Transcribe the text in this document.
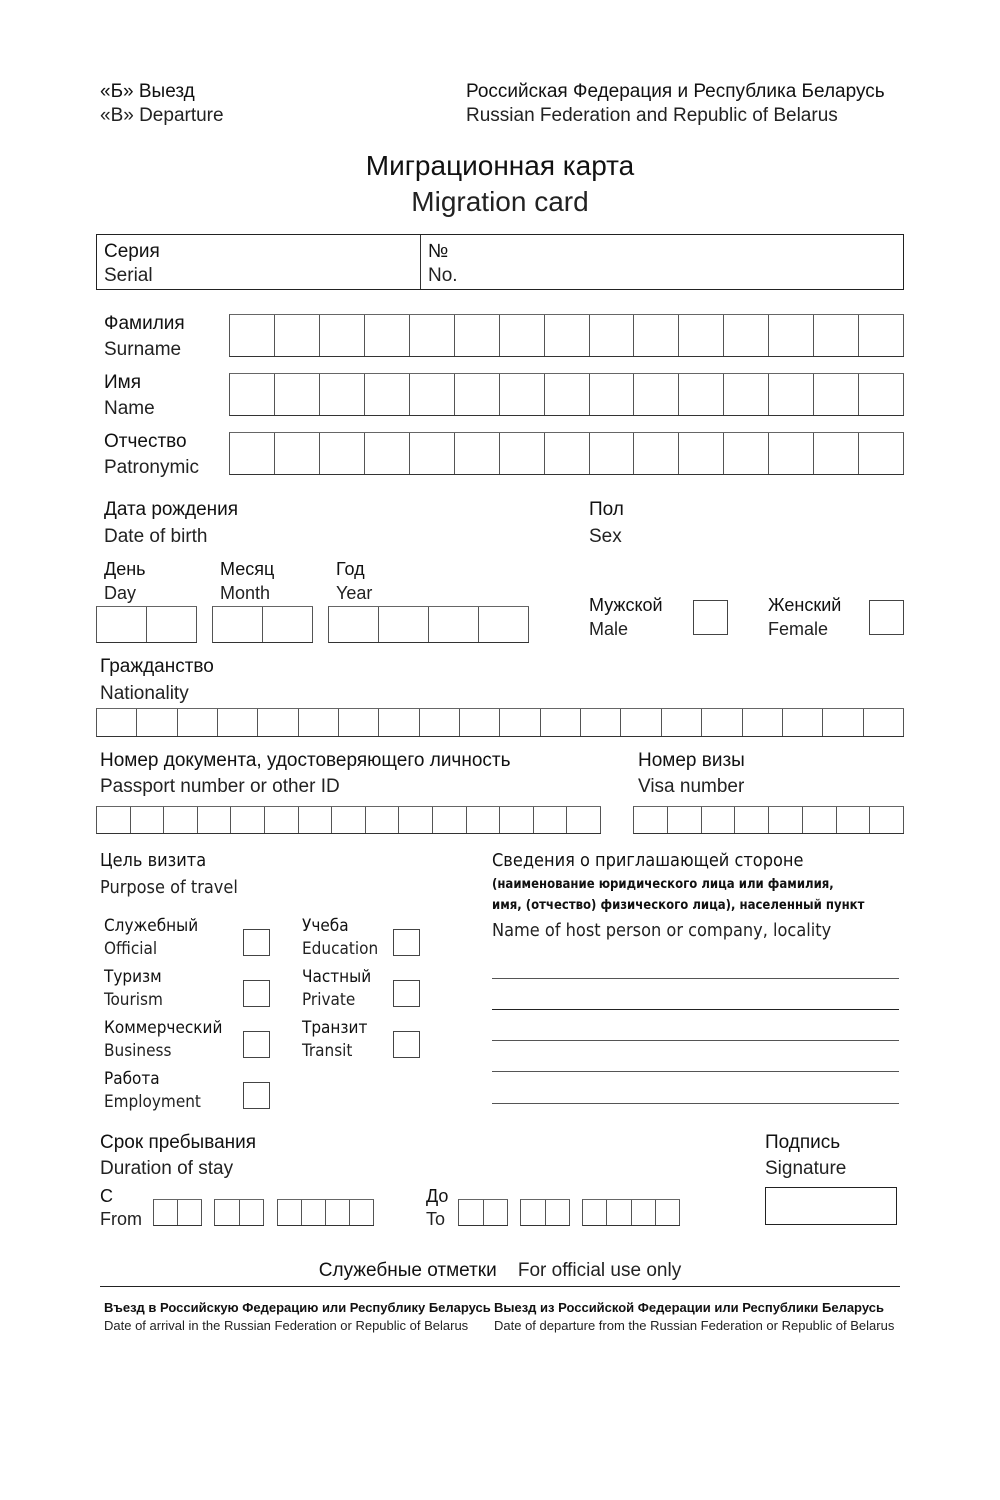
«Б» Выезд
«В» Departure
Российская Федерация и Республика Беларусь
Russian Federation and Republic of Belarus
Миграционная карта
Migration card
Серия
Serial
№
No.
Фамилия
Surname
Имя
Name
Отчество
Patronymic
Дата рождения
Date of birth
День
Day
Месяц
Month
Год
Year
Пол
Sex
Мужской
Male
Женский
Female
Гражданство
Nationality
Номер документа, удостоверяющего личность
Passport number or other ID
Номер визы
Visa number
Цель визита
Purpose of travel
Служебный
Official
Учеба
Education
Туризм
Tourism
Частный
Private
Коммерческий
Business
Транзит
Transit
Работа
Employment
Сведения о приглашающей стороне
(наименование юридического лица или фамилия,
имя, (отчество) физического лица), населенный пункт
Name of host person or company, locality
Срок пребывания
Duration of stay
С
From
До
To
Подпись
Signature
Служебные отметки For official use only
Въезд в Российскую Федерацию или Республику Беларусь
Date of arrival in the Russian Federation or Republic of Belarus
Выезд из Российской Федерации или Республики Беларусь
Date of departure from the Russian Federation or Republic of Belarus
